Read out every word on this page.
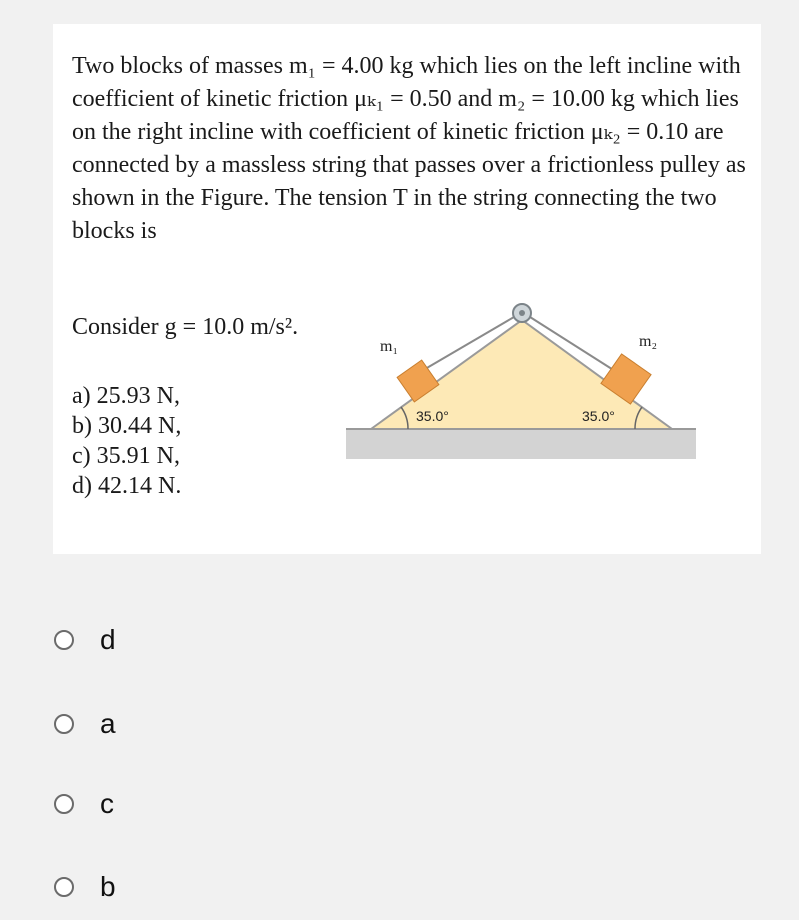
Two blocks of masses m₁ = 4.00 kg which lies on the left incline with coefficient of kinetic friction μₖ₁ = 0.50 and m₂ = 10.00 kg which lies on the right incline with coefficient of kinetic friction μₖ₂ = 0.10 are connected by a massless string that passes over a frictionless pulley as shown in the Figure. The tension T in the string connecting the two blocks is

Consider g = 10.0 m/s².
a) 25.93 N,
b) 30.44 N,
c) 35.91 N,
d) 42.14 N.
m₁	m₂
35.0°	35.0°
d
a
c
b
